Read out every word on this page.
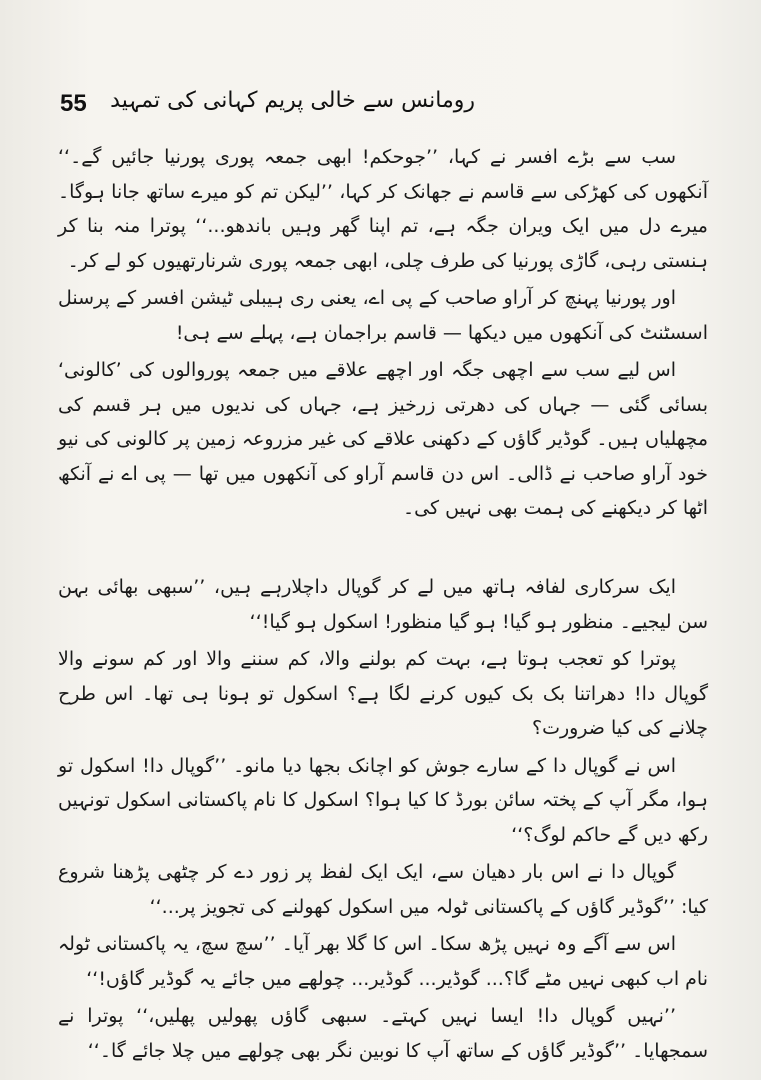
55 رومانس سے خالی پریم کہانی کی تمہید

سب سے بڑے افسر نے کہا، ’’جوحکم! ابھی جمعہ پوری پورنیا جائیں گے۔‘‘ آنکھوں کی کھڑکی سے قاسم نے جھانک کر کہا، ’’لیکن تم کو میرے ساتھ جانا ہوگا۔ میرے دل میں ایک ویران جگہ ہے، تم اپنا گھر وہیں باندھو...‘‘ پوترا منہ بنا کر ہنستی رہی، گاڑی پورنیا کی طرف چلی، ابھی جمعہ پوری شرنارتھیوں کو لے کر۔

اور پورنیا پہنچ کر آراو صاحب کے پی اے، یعنی ری ہیبلی ٹیشن افسر کے پرسنل اسسٹنٹ کی آنکھوں میں دیکھا — قاسم براجمان ہے، پہلے سے ہی!

اس لیے سب سے اچھی جگہ اور اچھے علاقے میں جمعہ پوروالوں کی ’کالونی‘ بسائی گئی — جہاں کی دھرتی زرخیز ہے، جہاں کی ندیوں میں ہر قسم کی مچھلیاں ہیں۔ گوڈیر گاؤں کے دکھنی علاقے کی غیر مزروعہ زمین پر کالونی کی نیو خود آراو صاحب نے ڈالی۔ اس دن قاسم آراو کی آنکھوں میں تھا — پی اے نے آنکھ اٹھا کر دیکھنے کی ہمت بھی نہیں کی۔

ایک سرکاری لفافہ ہاتھ میں لے کر گوپال داچلارہے ہیں، ’’سبھی بھائی بہن سن لیجیے۔ منظور ہو گیا! ہو گیا منظور! اسکول ہو گیا!‘‘

پوترا کو تعجب ہوتا ہے، بہت کم بولنے والا، کم سننے والا اور کم سونے والا گوپال دا! دھراتنا بک بک کیوں کرنے لگا ہے؟ اسکول تو ہونا ہی تھا۔ اس طرح چلانے کی کیا ضرورت؟

اس نے گوپال دا کے سارے جوش کو اچانک بجھا دیا مانو۔ ’’گوپال دا! اسکول تو ہوا، مگر آپ کے پختہ سائن بورڈ کا کیا ہوا؟ اسکول کا نام پاکستانی اسکول تونہیں رکھ دیں گے حاکم لوگ؟‘‘

گوپال دا نے اس بار دھیان سے، ایک ایک لفظ پر زور دے کر چٹھی پڑھنا شروع کیا: ’’گوڈیر گاؤں کے پاکستانی ٹولہ میں اسکول کھولنے کی تجویز پر...‘‘

اس سے آگے وہ نہیں پڑھ سکا۔ اس کا گلا بھر آیا۔ ’’سچ سچ، یہ پاکستانی ٹولہ نام اب کبھی نہیں مٹے گا؟... گوڈیر... گوڈیر... چولھے میں جائے یہ گوڈیر گاؤں!‘‘

’’نہیں گوپال دا! ایسا نہیں کہتے۔ سبھی گاؤں پھولیں پھلیں،‘‘ پوترا نے سمجھایا۔ ’’گوڈیر گاؤں کے ساتھ آپ کا نوبین نگر بھی چولھے میں چلا جائے گا۔‘‘
